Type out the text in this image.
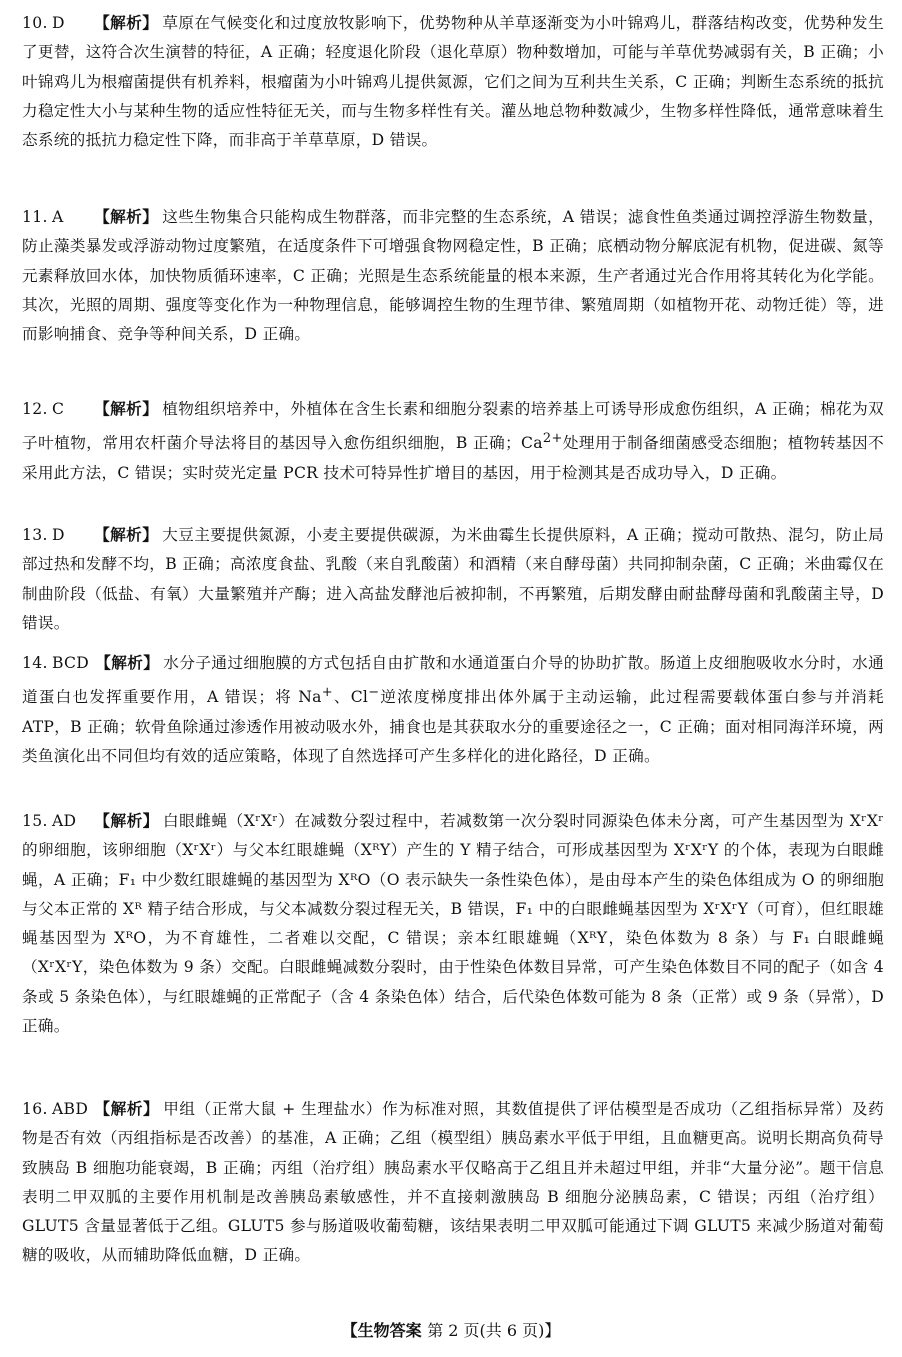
10. D 【解析】 草原在气候变化和过度放牧影响下，优势物种从羊草逐渐变为小叶锦鸡儿，群落结构改变，优势种发生了更替，这符合次生演替的特征，A 正确；轻度退化阶段（退化草原）物种数增加，可能与羊草优势减弱有关，B 正确；小叶锦鸡儿为根瘤菌提供有机养料，根瘤菌为小叶锦鸡儿提供氮源，它们之间为互利共生关系，C 正确；判断生态系统的抵抗力稳定性大小与某种生物的适应性特征无关，而与生物多样性有关。灌丛地总物种数减少，生物多样性降低，通常意味着生态系统的抵抗力稳定性下降，而非高于羊草草原，D 错误。
11. A 【解析】 这些生物集合只能构成生物群落，而非完整的生态系统，A 错误；滤食性鱼类通过调控浮游生物数量，防止藻类暴发或浮游动物过度繁殖，在适度条件下可增强食物网稳定性，B 正确；底栖动物分解底泥有机物，促进碳、氮等元素释放回水体，加快物质循环速率，C 正确；光照是生态系统能量的根本来源，生产者通过光合作用将其转化为化学能。其次，光照的周期、强度等变化作为一种物理信息，能够调控生物的生理节律、繁殖周期（如植物开花、动物迁徙）等，进而影响捕食、竞争等种间关系，D 正确。
12. C 【解析】 植物组织培养中，外植体在含生长素和细胞分裂素的培养基上可诱导形成愈伤组织，A 正确；棉花为双子叶植物，常用农杆菌介导法将目的基因导入愈伤组织细胞，B 正确；$Ca^{2+}$处理用于制备细菌感受态细胞；植物转基因不采用此方法，C 错误；实时荧光定量 PCR 技术可特异性扩增目的基因，用于检测其是否成功导入，D 正确。
13. D 【解析】 大豆主要提供氮源，小麦主要提供碳源，为米曲霉生长提供原料，A 正确；搅动可散热、混匀，防止局部过热和发酵不均，B 正确；高浓度食盐、乳酸（来自乳酸菌）和酒精（来自酵母菌）共同抑制杂菌，C 正确；米曲霉仅在制曲阶段（低盐、有氧）大量繁殖并产酶；进入高盐发酵池后被抑制，不再繁殖，后期发酵由耐盐酵母菌和乳酸菌主导，D 错误。
14. BCD 【解析】 水分子通过细胞膜的方式包括自由扩散和水通道蛋白介导的协助扩散。肠道上皮细胞吸收水分时，水通道蛋白也发挥重要作用，A 错误；将 Na+、Cl−逆浓度梯度排出体外属于主动运输，此过程需要载体蛋白参与并消耗 ATP，B 正确；软骨鱼除通过渗透作用被动吸水外，捕食也是其获取水分的重要途径之一，C 正确；面对相同海洋环境，两类鱼演化出不同但均有效的适应策略，体现了自然选择可产生多样化的进化路径，D 正确。
15. AD 【解析】 白眼雌蝇（XʳXʳ）在减数分裂过程中，若减数第一次分裂时同源染色体未分离，可产生基因型为 XʳXʳ 的卵细胞，该卵细胞（XʳXʳ）与父本红眼雄蝇（XᴿY）产生的 Y 精子结合，可形成基因型为 XʳXʳY 的个体，表现为白眼雌蝇，A 正确；F₁ 中少数红眼雄蝇的基因型为 XᴿO（O 表示缺失一条性染色体），是由母本产生的染色体组成为 O 的卵细胞与父本正常的 Xᴿ 精子结合形成，与父本减数分裂过程无关，B 错误，F₁ 中的白眼雌蝇基因型为 XʳXʳY（可育），但红眼雄蝇基因型为 XᴿO，为不育雄性，二者难以交配，C 错误；亲本红眼雄蝇（XᴿY，染色体数为 8 条）与 F₁ 白眼雌蝇（XʳXʳY，染色体数为 9 条）交配。白眼雌蝇减数分裂时，由于性染色体数目异常，可产生染色体数目不同的配子（如含 4 条或 5 条染色体），与红眼雄蝇的正常配子（含 4 条染色体）结合，后代染色体数可能为 8 条（正常）或 9 条（异常），D 正确。
16. ABD 【解析】 甲组（正常大鼠 + 生理盐水）作为标准对照，其数值提供了评估模型是否成功（乙组指标异常）及药物是否有效（丙组指标是否改善）的基准，A 正确；乙组（模型组）胰岛素水平低于甲组，且血糖更高。说明长期高负荷导致胰岛 B 细胞功能衰竭，B 正确；丙组（治疗组）胰岛素水平仅略高于乙组且并未超过甲组，并非“大量分泌”。题干信息表明二甲双胍的主要作用机制是改善胰岛素敏感性，并不直接刺激胰岛 B 细胞分泌胰岛素，C 错误；丙组（治疗组）GLUT5 含量显著低于乙组。GLUT5 参与肠道吸收葡萄糖，该结果表明二甲双胍可能通过下调 GLUT5 来减少肠道对葡萄糖的吸收，从而辅助降低血糖，D 正确。
【生物答案 第 2 页(共 6 页)】
